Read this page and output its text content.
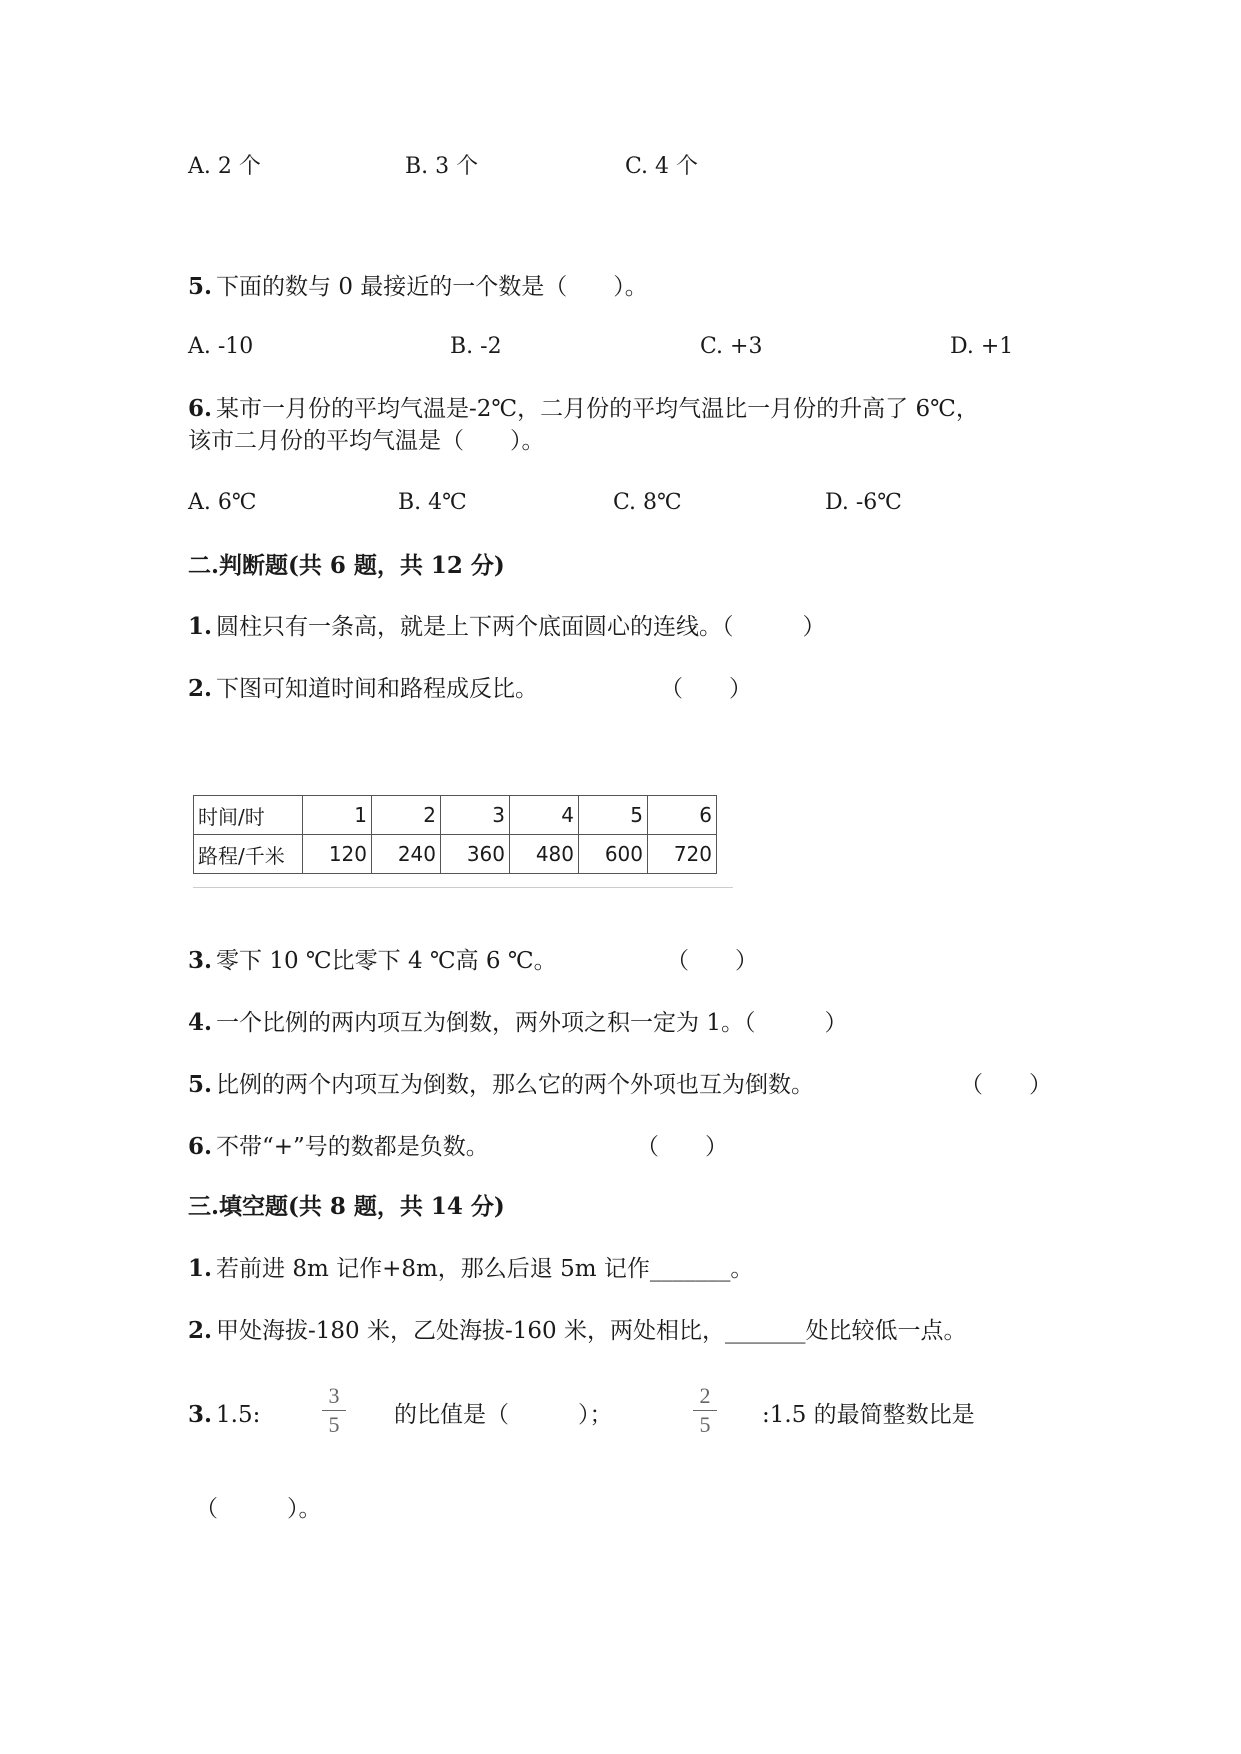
A. 2 个	B. 3 个	C. 4 个
5. 下面的数与 0 最接近的一个数是（　　）。
A. -10	B. -2	C. +3	D. +1
6. 某市一月份的平均气温是-2℃，二月份的平均气温比一月份的升高了 6℃，
该市二月份的平均气温是（　　）。
A. 6℃	B. 4℃	C. 8℃	D. -6℃
二.判断题(共 6 题，共 12 分)
1. 圆柱只有一条高，就是上下两个底面圆心的连线。（　　　）
2. 下图可知道时间和路程成反比。	（　　）
时间/时	1	2	3	4	5	6
路程/千米	120	240	360	480	600	720
3. 零下 10 ℃比零下 4 ℃高 6 ℃。	（　　）
4. 一个比例的两内项互为倒数，两外项之积一定为 1。（　　　）
5. 比例的两个内项互为倒数，那么它的两个外项也互为倒数。	（　　）
6. 不带“+”号的数都是负数。	（　　）
三.填空题(共 8 题，共 14 分)
1. 若前进 8m 记作+8m，那么后退 5m 记作_______。
2. 甲处海拔-180 米，乙处海拔-160 米，两处相比，_______处比较低一点。
3. 1.5:
3
5 的比值是（　　　）；
2
5 :1.5 的最简整数比是
（　　　）。
